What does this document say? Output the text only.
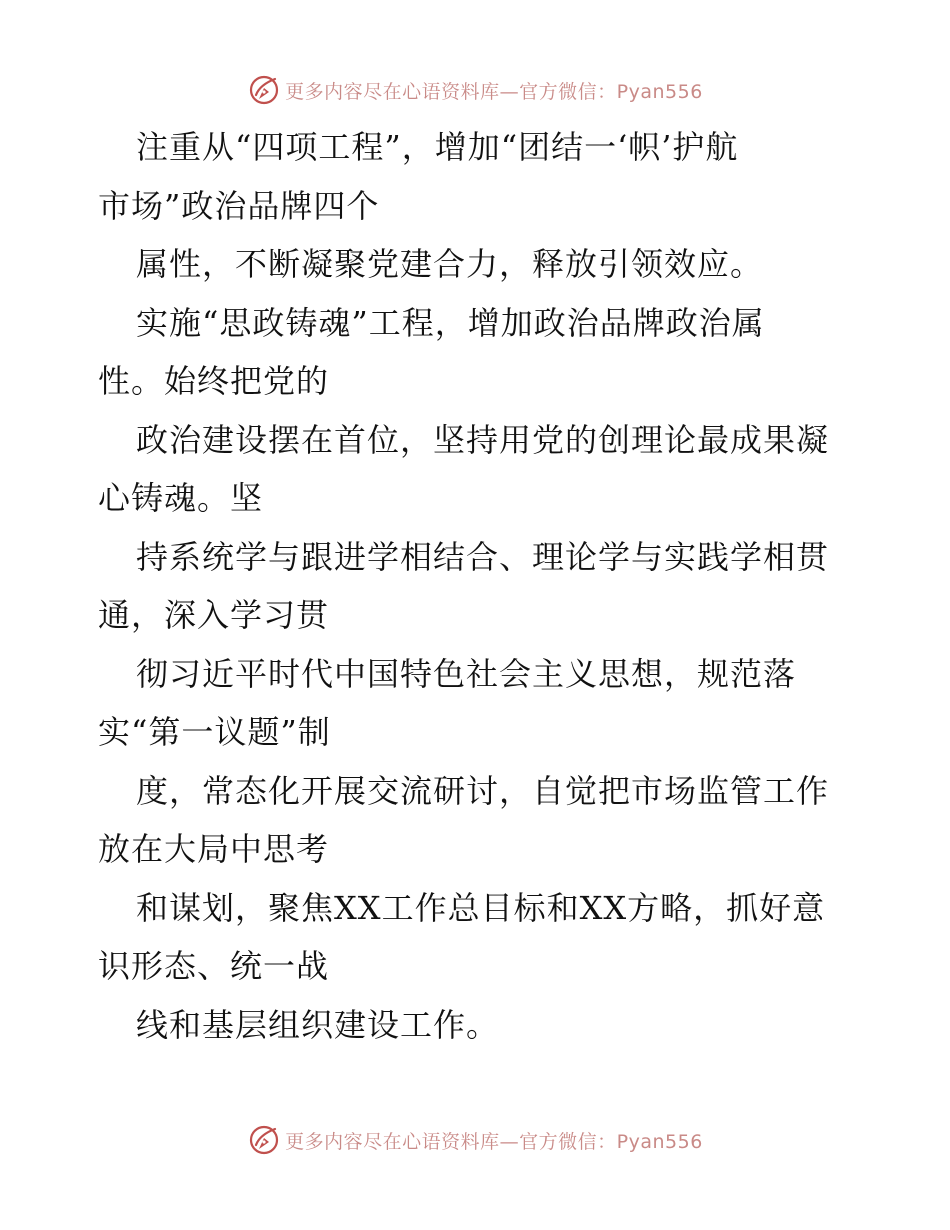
更多内容尽在心语资料库—官方微信：Pyan556
注重从“四项工程”，增加“团结一‘帜’护航
市场”政治品牌四个
属性，不断凝聚党建合力，释放引领效应。
实施“思政铸魂”工程，增加政治品牌政治属
性。始终把党的
政治建设摆在首位，坚持用党的创理论最成果凝
心铸魂。坚
持系统学与跟进学相结合、理论学与实践学相贯
通，深入学习贯
彻习近平时代中国特色社会主义思想，规范落
实“第一议题”制
度，常态化开展交流研讨，自觉把市场监管工作
放在大局中思考
和谋划，聚焦XX工作总目标和XX方略，抓好意
识形态、统一战
线和基层组织建设工作。
更多内容尽在心语资料库—官方微信：Pyan556
